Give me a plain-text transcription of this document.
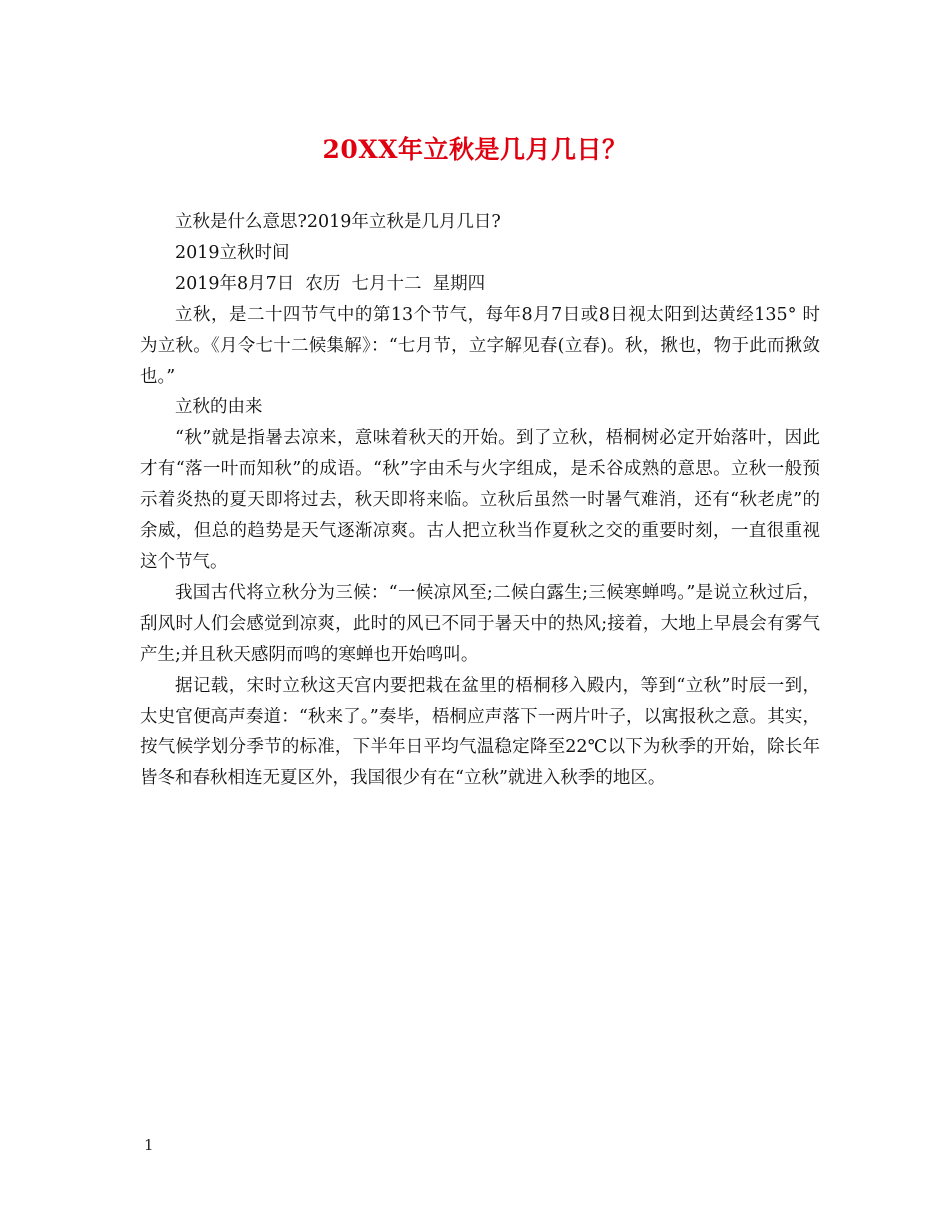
20XX年立秋是几月几日？

立秋是什么意思?2019年立秋是几月几日?

2019立秋时间

2019年8月7日  农历  七月十二  星期四

立秋，是二十四节气中的第13个节气，每年8月7日或8日视太阳到达黄经135° 时为立秋。《月令七十二候集解》：“七月节，立字解见春(立春)。秋，揪也，物于此而揪敛也。”

立秋的由来

“秋”就是指暑去凉来，意味着秋天的开始。到了立秋，梧桐树必定开始落叶，因此才有“落一叶而知秋”的成语。“秋”字由禾与火字组成，是禾谷成熟的意思。立秋一般预示着炎热的夏天即将过去，秋天即将来临。立秋后虽然一时暑气难消，还有“秋老虎”的余威，但总的趋势是天气逐渐凉爽。古人把立秋当作夏秋之交的重要时刻，一直很重视这个节气。

我国古代将立秋分为三候：“一候凉风至;二候白露生;三候寒蝉鸣。”是说立秋过后，刮风时人们会感觉到凉爽，此时的风已不同于暑天中的热风;接着，大地上早晨会有雾气产生;并且秋天感阴而鸣的寒蝉也开始鸣叫。

据记载，宋时立秋这天宫内要把栽在盆里的梧桐移入殿内，等到“立秋”时辰一到，太史官便高声奏道：“秋来了。”奏毕，梧桐应声落下一两片叶子，以寓报秋之意。其实，按气候学划分季节的标准，下半年日平均气温稳定降至22℃以下为秋季的开始，除长年皆冬和春秋相连无夏区外，我国很少有在“立秋”就进入秋季的地区。

1
